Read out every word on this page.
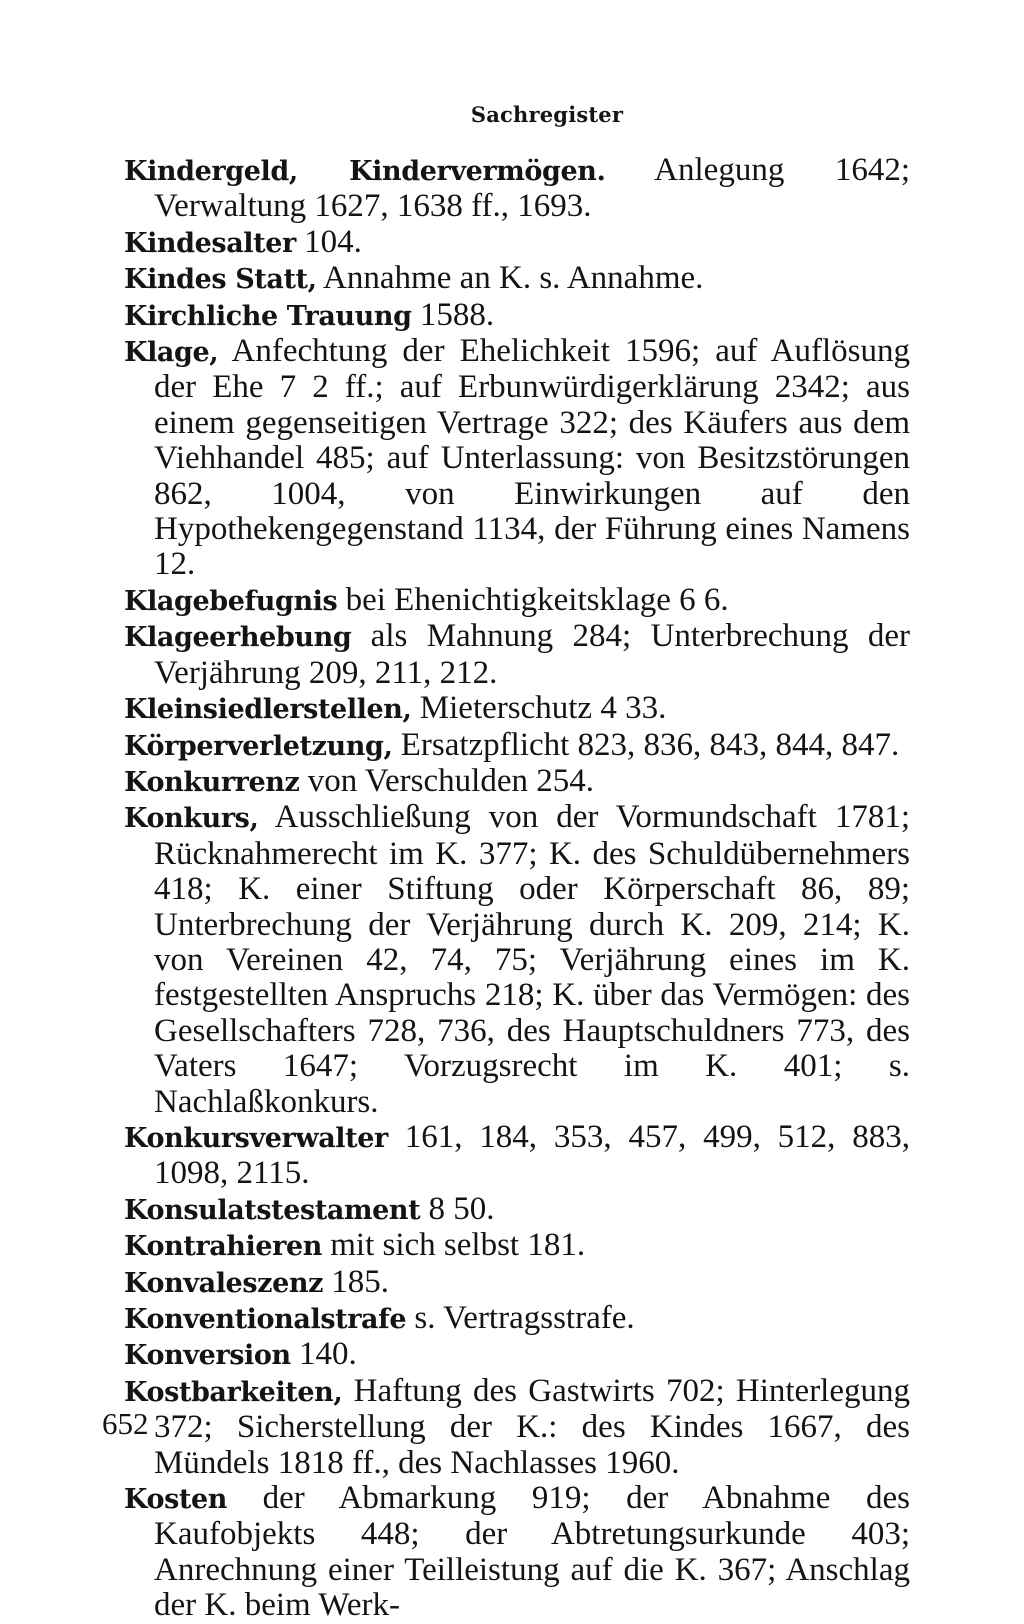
Sachregister

Kindergeld, Kindervermögen. Anlegung 1642; Verwaltung 1627, 1638 ff., 1693.

Kindesalter 104.

Kindes Statt, Annahme an K. s. Annahme.

Kirchliche Trauung 1588.

Klage, Anfechtung der Ehelichkeit 1596; auf Auflösung der Ehe 7 2 ff.; auf Erbunwürdigerklärung 2342; aus einem gegenseitigen Vertrage 322; des Käufers aus dem Viehhandel 485; auf Unterlassung: von Besitzstörungen 862, 1004, von Einwirkungen auf den Hypothekengegenstand 1134, der Führung eines Namens 12.

Klagebefugnis bei Ehenichtigkeitsklage 6 6.

Klageerhebung als Mahnung 284; Unterbrechung der Verjährung 209, 211, 212.

Kleinsiedlerstellen, Mieterschutz 4 33.

Körperverletzung, Ersatzpflicht 823, 836, 843, 844, 847.

Konkurrenz von Verschulden 254.

Konkurs, Ausschließung von der Vormundschaft 1781; Rücknahmerecht im K. 377; K. des Schuldübernehmers 418; K. einer Stiftung oder Körperschaft 86, 89; Unterbrechung der Verjährung durch K. 209, 214; K. von Vereinen 42, 74, 75; Verjährung eines im K. festgestellten Anspruchs 218; K. über das Vermögen: des Gesellschafters 728, 736, des Hauptschuldners 773, des Vaters 1647; Vorzugsrecht im K. 401; s. Nachlaßkonkurs.

Konkursverwalter 161, 184, 353, 457, 499, 512, 883, 1098, 2115.

Konsulatstestament 8 50.

Kontrahieren mit sich selbst 181.

Konvaleszenz 185.

Konventionalstrafe s. Vertragsstrafe.

Konversion 140.

Kostbarkeiten, Haftung des Gastwirts 702; Hinterlegung 372; Sicherstellung der K.: des Kindes 1667, des Mündels 1818 ff., des Nachlasses 1960.

Kosten der Abmarkung 919; der Abnahme des Kaufobjekts 448; der Abtretungsurkunde 403; Anrechnung einer Teilleistung auf die K. 367; Anschlag der K. beim Werk-

652
